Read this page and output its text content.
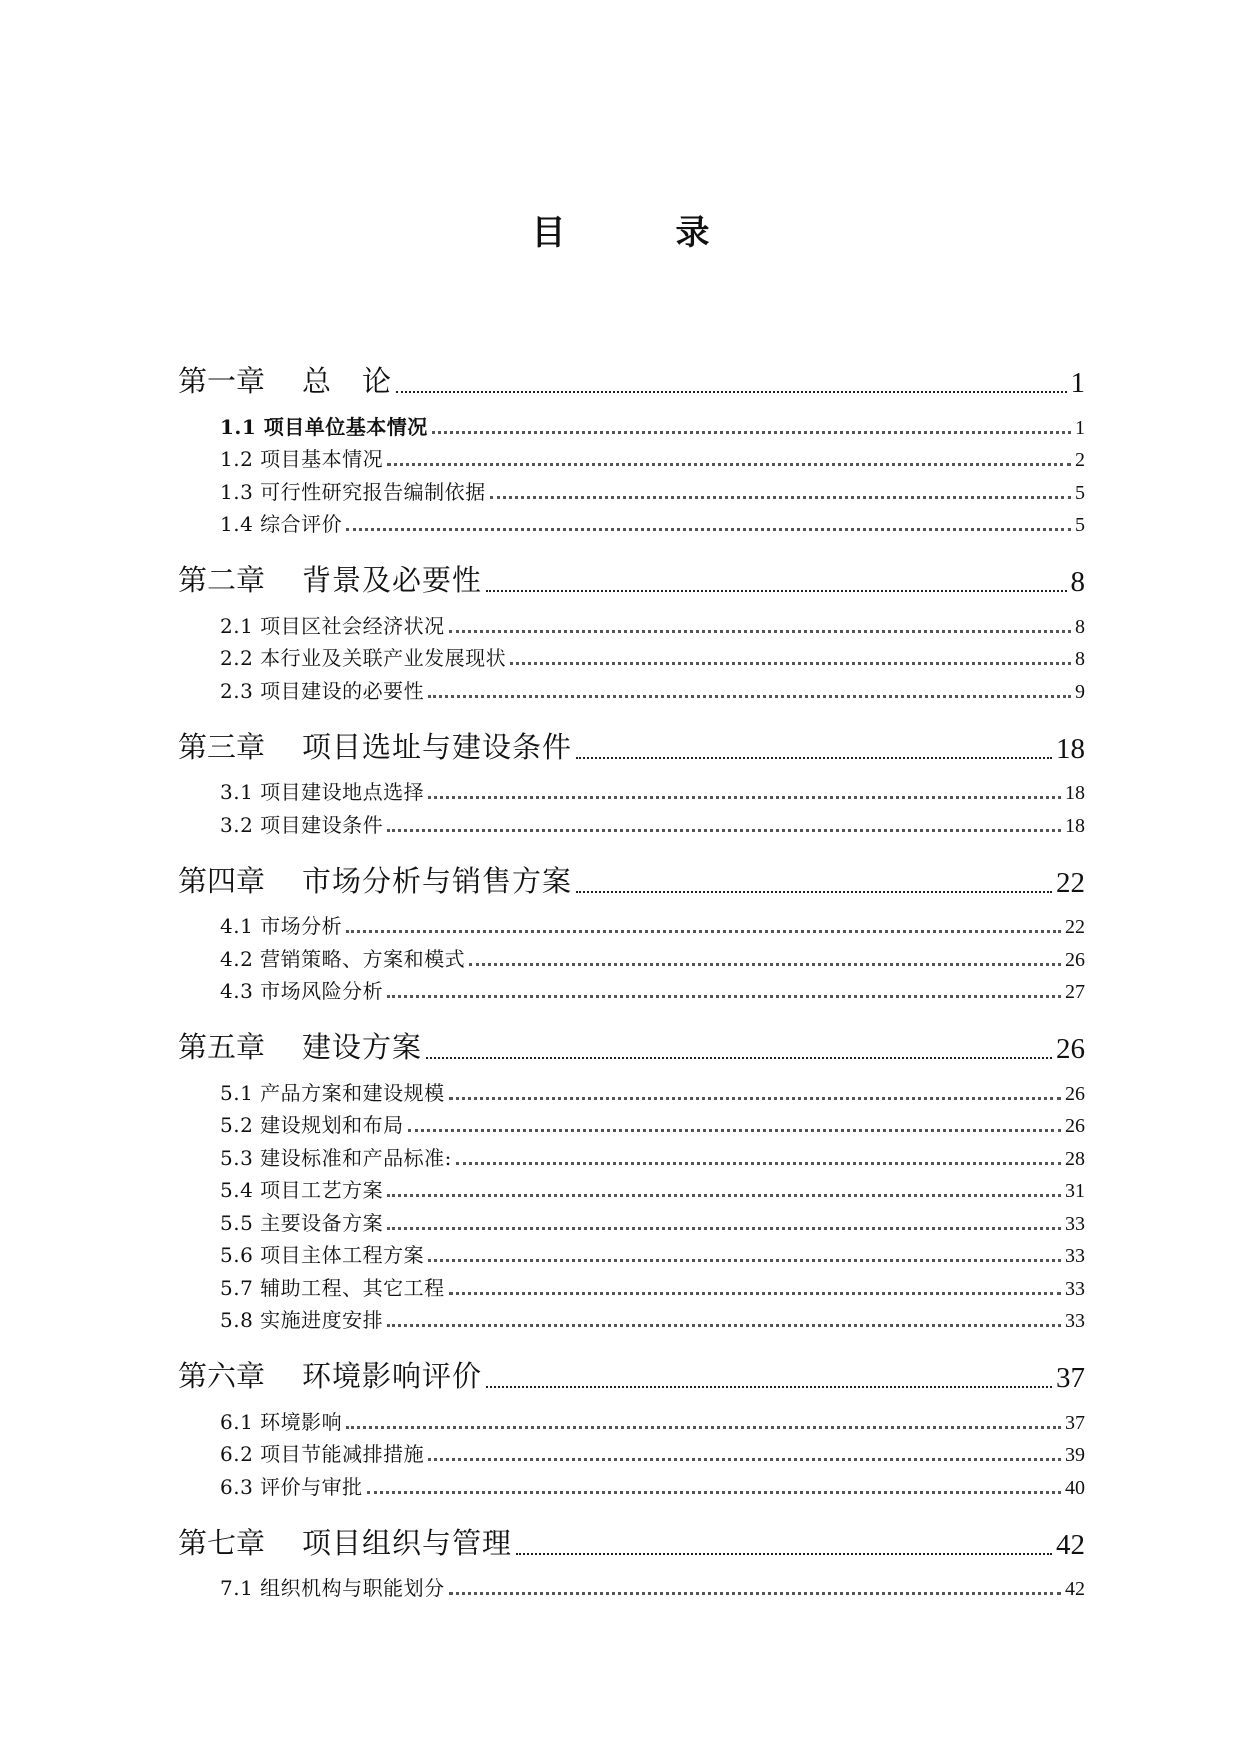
目　录
第一章	总　论	1
1.1 项目单位基本情况	1
1.2 项目基本情况	2
1.3 可行性研究报告编制依据	5
1.4 综合评价	5
第二章	背景及必要性	8
2.1 项目区社会经济状况	8
2.2 本行业及关联产业发展现状	8
2.3 项目建设的必要性	9
第三章	项目选址与建设条件	18
3.1 项目建设地点选择	18
3.2 项目建设条件	18
第四章	市场分析与销售方案	22
4.1 市场分析	22
4.2 营销策略、方案和模式	26
4.3 市场风险分析	27
第五章	建设方案	26
5.1 产品方案和建设规模	26
5.2 建设规划和布局	26
5.3 建设标准和产品标准:	28
5.4 项目工艺方案	31
5.5 主要设备方案	33
5.6 项目主体工程方案	33
5.7 辅助工程、其它工程	33
5.8 实施进度安排	33
第六章	环境影响评价	37
6.1 环境影响	37
6.2 项目节能减排措施	39
6.3 评价与审批	40
第七章	项目组织与管理	42
7.1 组织机构与职能划分	42
